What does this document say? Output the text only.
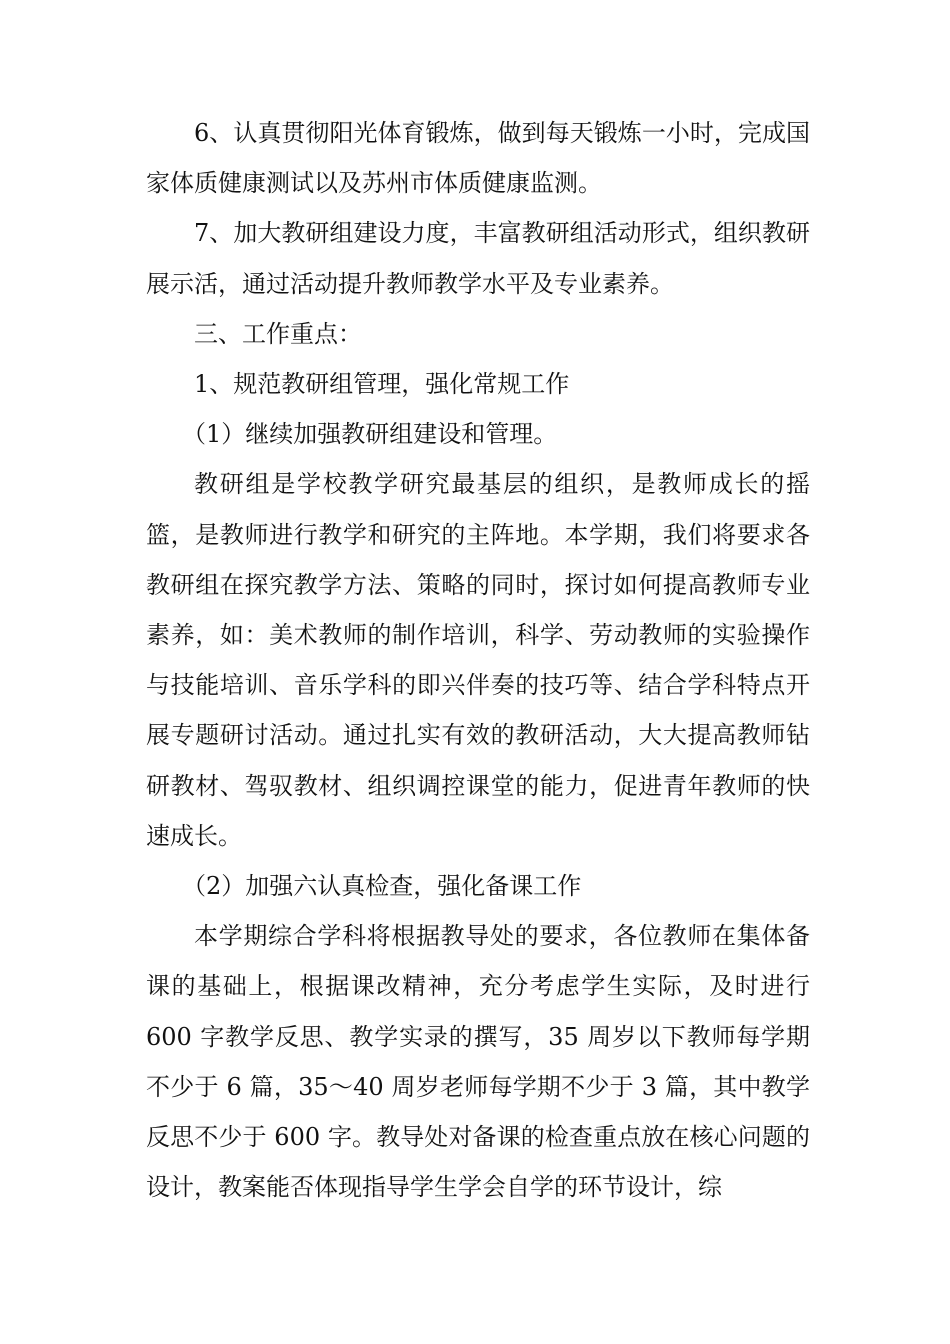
6、认真贯彻阳光体育锻炼，做到每天锻炼一小时，完成国家体质健康测试以及苏州市体质健康监测。

7、加大教研组建设力度，丰富教研组活动形式，组织教研展示活，通过活动提升教师教学水平及专业素养。

三、工作重点：

1、规范教研组管理，强化常规工作

（1）继续加强教研组建设和管理。

教研组是学校教学研究最基层的组织，是教师成长的摇篮，是教师进行教学和研究的主阵地。本学期，我们将要求各教研组在探究教学方法、策略的同时，探讨如何提高教师专业素养，如：美术教师的制作培训，科学、劳动教师的实验操作与技能培训、音乐学科的即兴伴奏的技巧等、结合学科特点开展专题研讨活动。通过扎实有效的教研活动，大大提高教师钻研教材、驾驭教材、组织调控课堂的能力，促进青年教师的快速成长。

（2）加强六认真检查，强化备课工作

本学期综合学科将根据教导处的要求，各位教师在集体备课的基础上，根据课改精神，充分考虑学生实际，及时进行 600 字教学反思、教学实录的撰写，35 周岁以下教师每学期不少于 6 篇，35～40 周岁老师每学期不少于 3 篇，其中教学反思不少于 600 字。教导处对备课的检查重点放在核心问题的设计，教案能否体现指导学生学会自学的环节设计，综
